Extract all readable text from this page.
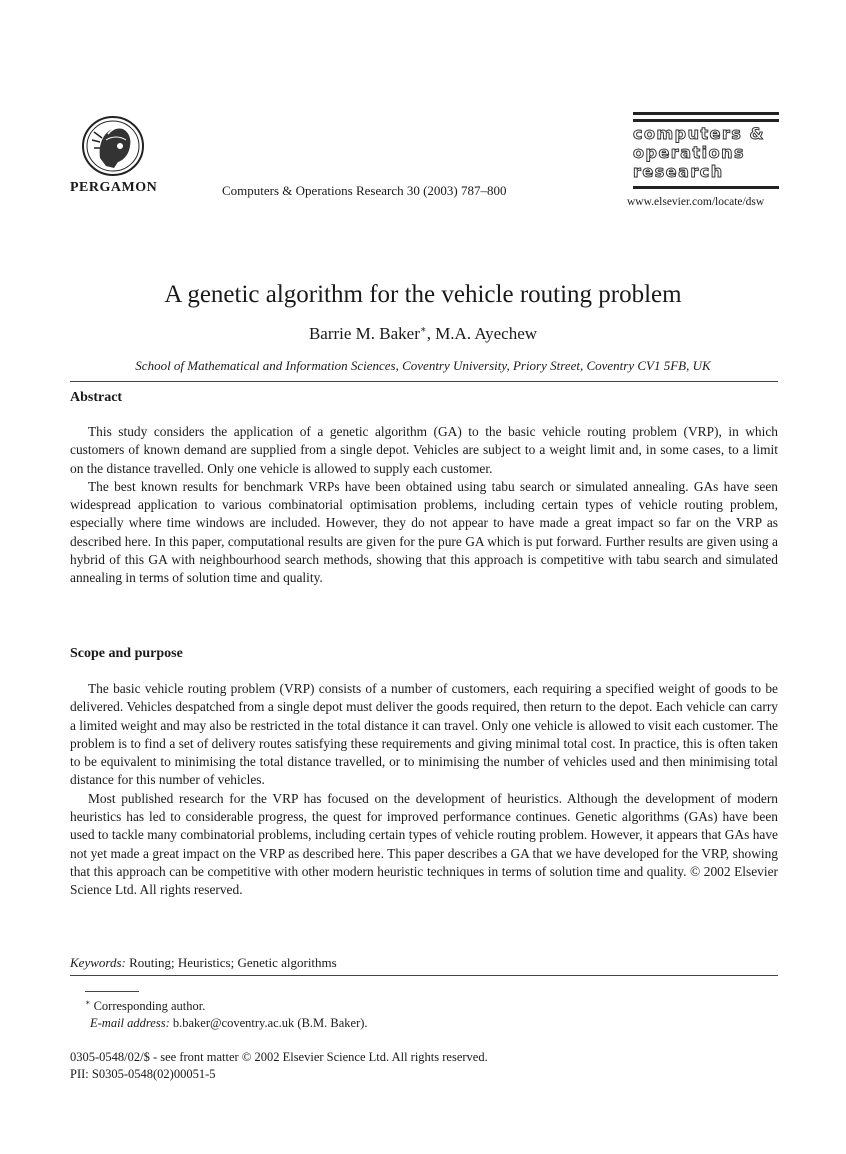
PERGAMON	Computers & Operations Research 30 (2003) 787–800
computers &
operations
research
www.elsevier.com/locate/dsw
A genetic algorithm for the vehicle routing problem
Barrie M. Baker∗, M.A. Ayechew
School of Mathematical and Information Sciences, Coventry University, Priory Street, Coventry CV1 5FB, UK
Abstract

This study considers the application of a genetic algorithm (GA) to the basic vehicle routing problem (VRP), in which customers of known demand are supplied from a single depot. Vehicles are subject to a weight limit and, in some cases, to a limit on the distance travelled. Only one vehicle is allowed to supply each customer.

The best known results for benchmark VRPs have been obtained using tabu search or simulated annealing. GAs have seen widespread application to various combinatorial optimisation problems, including certain types of vehicle routing problem, especially where time windows are included. However, they do not appear to have made a great impact so far on the VRP as described here. In this paper, computational results are given for the pure GA which is put forward. Further results are given using a hybrid of this GA with neighbourhood search methods, showing that this approach is competitive with tabu search and simulated annealing in terms of solution time and quality.

Scope and purpose

The basic vehicle routing problem (VRP) consists of a number of customers, each requiring a specified weight of goods to be delivered. Vehicles despatched from a single depot must deliver the goods required, then return to the depot. Each vehicle can carry a limited weight and may also be restricted in the total distance it can travel. Only one vehicle is allowed to visit each customer. The problem is to find a set of delivery routes satisfying these requirements and giving minimal total cost. In practice, this is often taken to be equivalent to minimising the total distance travelled, or to minimising the number of vehicles used and then minimising total distance for this number of vehicles.

Most published research for the VRP has focused on the development of heuristics. Although the development of modern heuristics has led to considerable progress, the quest for improved performance continues. Genetic algorithms (GAs) have been used to tackle many combinatorial problems, including certain types of vehicle routing problem. However, it appears that GAs have not yet made a great impact on the VRP as described here. This paper describes a GA that we have developed for the VRP, showing that this approach can be competitive with other modern heuristic techniques in terms of solution time and quality. © 2002 Elsevier Science Ltd. All rights reserved.

Keywords: Routing; Heuristics; Genetic algorithms
∗ Corresponding author.
E-mail address: b.baker@coventry.ac.uk (B.M. Baker).
0305-0548/02/$ - see front matter © 2002 Elsevier Science Ltd. All rights reserved.
PII: S0305-0548(02)00051-5
